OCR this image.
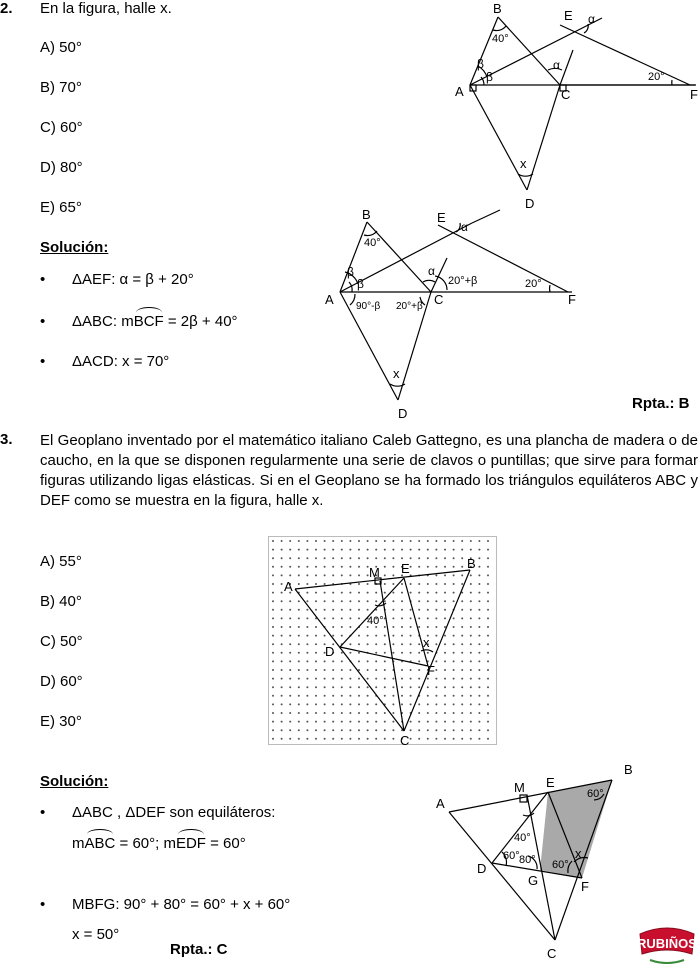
2. En la figura, halle x.
A) 50°
B) 70°
C) 60°
D) 80°
E) 65°
Solución:
• ΔAEF: α = β + 20°
• ΔABC: mBCF = 2β + 40°
• ΔACD: x = 70°
Rpta.: B
B	E
A	C	F
D
40°
20°
x
α
α
β
β
B	E
A	C	F
D
40°
20°
x
α
α
β
β
90°-β 20°+β
20°+β
3. El Geoplano inventado por el matemático italiano Caleb Gattegno, es una plancha de madera o de caucho, en la que se disponen regularmente una serie de clavos o puntillas; que sirve para formar figuras utilizando ligas elásticas. Si en el Geoplano se ha formado los triángulos equiláteros ABC y DEF como se muestra en la figura, halle x.
A) 55°
B) 40°
C) 50°
D) 60°
E) 30°
A
B
C
D
E
F
M
40°
x
Solución:
• ΔABC , ΔDEF son equiláteros:
mABC = 60°; mEDF = 60°
• MBFG: 90° + 80° = 60° + x + 60°
x = 50°
Rpta.: C
A
B
C
D
E
F
G
M
40°
60° 80° 60°
60°
x
RUBIÑOS
